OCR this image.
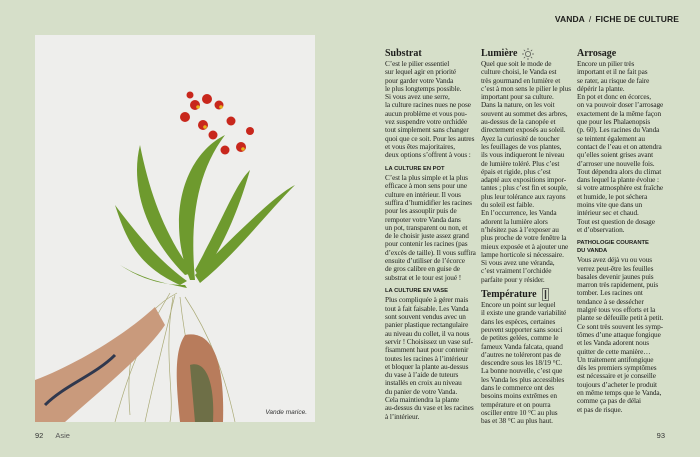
VANDA / FICHE DE CULTURE
Vande marice.
92 Asie	93
Substrat

C’est le pilier essentiel
sur lequel agir en priorité
pour garder votre Vanda
le plus longtemps possible.
Si vous avez une serre,
la culture racines nues ne pose
aucun problème et vous pou-
vez suspendre votre orchidée
tout simplement sans changer
quoi que ce soit. Pour les autres
et vous êtes majoritaires,
deux options s’offrent à vous :

LA CULTURE EN POT

C’est la plus simple et la plus
efficace à mon sens pour une
culture en intérieur. Il vous
suffira d’humidifier les racines
pour les assouplir puis de
rempoter votre Vanda dans
un pot, transparent ou non, et
de le choisir juste assez grand
pour contenir les racines (pas
d’excès de taille). Il vous suffira
ensuite d’utiliser de l’écorce
de gros calibre en guise de
substrat et le tour est joué !

LA CULTURE EN VASE

Plus compliquée à gérer mais
tout à fait faisable. Les Vanda
sont souvent vendus avec un
panier plastique rectangulaire
au niveau du collet, il va nous
servir ! Choisissez un vase suf-
fisamment haut pour contenir
toutes les racines à l’intérieur
et bloquer la plante au-dessus
du vase à l’aide de tuteurs
installés en croix au niveau
du panier de votre Vanda.
Cela maintiendra la plante
au-dessus du vase et les racines
à l’intérieur.

Lumière

Quel que soit le mode de
culture choisi, le Vanda est
très gourmand en lumière et
c’est à mon sens le pilier le plus
important pour sa culture.
Dans la nature, on les voit
souvent au sommet des arbres,
au-dessus de la canopée et
directement exposés au soleil.
Ayez la curiosité de toucher
les feuillages de vos plantes,
ils vous indiqueront le niveau
de lumière toléré. Plus c’est
épais et rigide, plus c’est
adapté aux expositions impor-
tantes ; plus c’est fin et souple,
plus leur tolérance aux rayons
du soleil est faible.
En l’occurrence, les Vanda
adorent la lumière alors
n’hésitez pas à l’exposer au
plus proche de votre fenêtre la
mieux exposée et à ajouter une
lampe horticole si nécessaire.
Si vous avez une véranda,
c’est vraiment l’orchidée
parfaite pour y résider.

Température

Encore un point sur lequel
il existe une grande variabilité
dans les espèces, certaines
peuvent supporter sans souci
de petites gelées, comme le
fameux Vanda falcata, quand
d’autres ne toléreront pas de
descendre sous les 18/19 °C.
La bonne nouvelle, c’est que
les Vanda les plus accessibles
dans le commerce ont des
besoins moins extrêmes en
température et on pourra
osciller entre 10 °C au plus
bas et 38 °C au plus haut.

Arrosage

Encore un pilier très
important et il ne fait pas
se rater, au risque de faire
dépérir la plante.
En pot et donc en écorces,
on va pouvoir doser l’arrosage
exactement de la même façon
que pour les Phalaenopsis
(p. 60). Les racines du Vanda
se teintent également au
contact de l’eau et on attendra
qu’elles soient grises avant
d’arroser une nouvelle fois.
Tout dépendra alors du climat
dans lequel la plante évolue :
si votre atmosphère est fraîche
et humide, le pot séchera
moins vite que dans un
intérieur sec et chaud.
Tout est question de dosage
et d’observation.

PATHOLOGIE COURANTE
DU VANDA

Vous avez déjà vu ou vous
verrez peut-être les feuilles
basales devenir jaunes puis
marron très rapidement, puis
tomber. Les racines ont
tendance à se dessécher
malgré tous vos efforts et la
plante se défeuille petit à petit.
Ce sont très souvent les symp-
tômes d’une attaque fongique
et les Vanda adorent nous
quitter de cette manière…
Un traitement antifongique
dès les premiers symptômes
est nécessaire et je conseille
toujours d’acheter le produit
en même temps que le Vanda,
comme ça pas de délai
et pas de risque.
